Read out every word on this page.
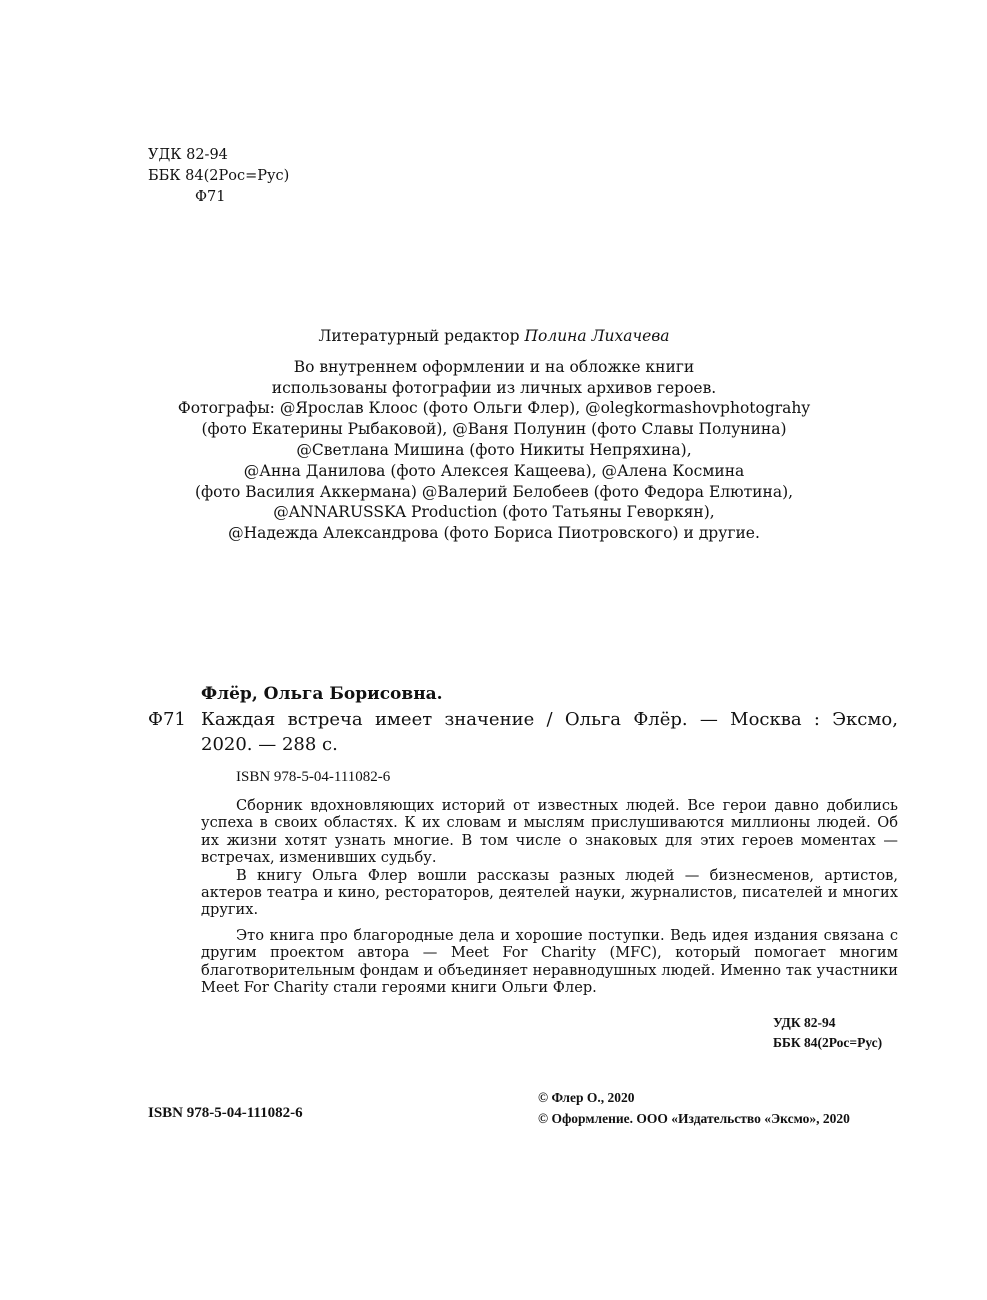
УДК 82-94
ББК 84(2Рос=Рус)
Ф71
Литературный редактор Полина Лихачева
Во внутреннем оформлении и на обложке книги
использованы фотографии из личных архивов героев.
Фотографы: @Ярослав Клоос (фото Ольги Флер), @olegkormashovphotograhy
(фото Екатерины Рыбаковой), @Ваня Полунин (фото Славы Полунина)
@Светлана Мишина (фото Никиты Непряхина),
@Анна Данилова (фото Алексея Кащеева), @Алена Космина
(фото Василия Аккермана) @Валерий Белобеев (фото Федора Елютина),
@ANNARUSSKA Production (фото Татьяны Геворкян),
@Надежда Александрова (фото Бориса Пиотровского) и другие.
Флёр, Ольга Борисовна.
Ф71 Каждая встреча имеет значение / Ольга Флёр. — Москва : Эксмо,
2020. — 288 с.
ISBN 978-5-04-111082-6

Сборник вдохновляющих историй от известных людей. Все герои давно добились успеха в своих областях. К их словам и мыслям прислушиваются миллионы людей. Об их жизни хотят узнать многие. В том числе о знаковых для этих героев моментах — встречах, изменивших судьбу.

В книгу Ольга Флер вошли рассказы разных людей — бизнесменов, артистов, актеров театра и кино, рестораторов, деятелей науки, журналистов, писателей и многих других.

Это книга про благородные дела и хорошие поступки. Ведь идея издания связана с другим проектом автора — Meet For Charity (MFC), который помогает многим благотворительным фондам и объединяет неравнодушных людей. Именно так участники Meet For Charity стали героями книги Ольги Флер.

УДК 82-94
ББК 84(2Рос=Рус)
ISBN 978-5-04-111082-6
© Флер О., 2020
© Оформление. ООО «Издательство «Эксмо», 2020
